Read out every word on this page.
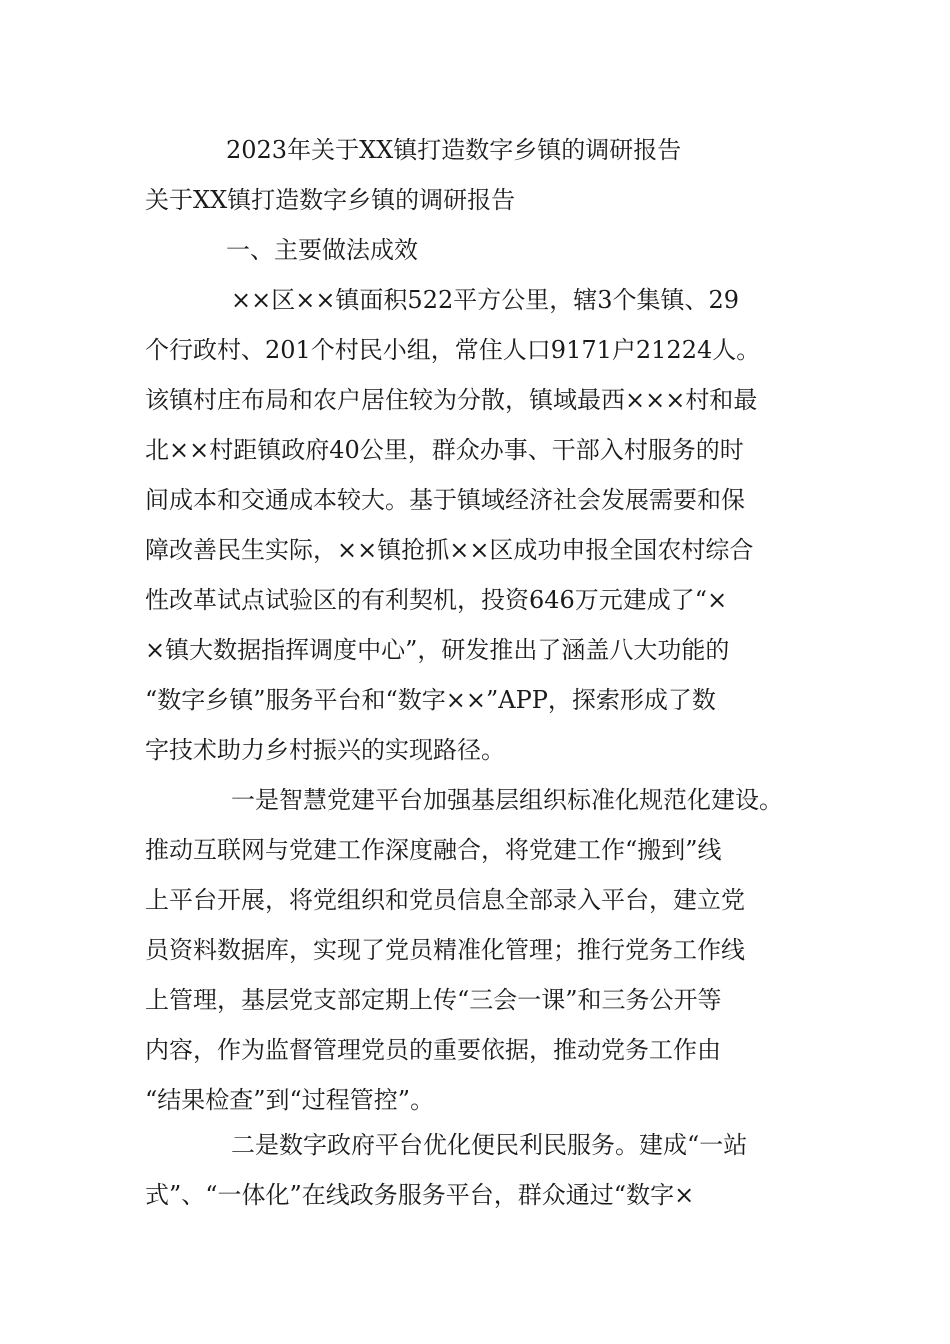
2023年关于XX镇打造数字乡镇的调研报告
关于XX镇打造数字乡镇的调研报告
一、主要做法成效
××区××镇面积522平方公里，辖3个集镇、29
个行政村、201个村民小组，常住人口9171户21224人。
该镇村庄布局和农户居住较为分散，镇域最西×××村和最
北××村距镇政府40公里，群众办事、干部入村服务的时
间成本和交通成本较大。基于镇域经济社会发展需要和保
障改善民生实际，××镇抢抓××区成功申报全国农村综合
性改革试点试验区的有利契机，投资646万元建成了“×
×镇大数据指挥调度中心”，研发推出了涵盖八大功能的
“数字乡镇”服务平台和“数字××”APP，探索形成了数
字技术助力乡村振兴的实现路径。
一是智慧党建平台加强基层组织标准化规范化建设。
推动互联网与党建工作深度融合，将党建工作“搬到”线
上平台开展，将党组织和党员信息全部录入平台，建立党
员资料数据库，实现了党员精准化管理；推行党务工作线
上管理，基层党支部定期上传“三会一课”和三务公开等
内容，作为监督管理党员的重要依据，推动党务工作由
“结果检查”到“过程管控”。
二是数字政府平台优化便民利民服务。建成“一站
式”、“一体化”在线政务服务平台，群众通过“数字×
